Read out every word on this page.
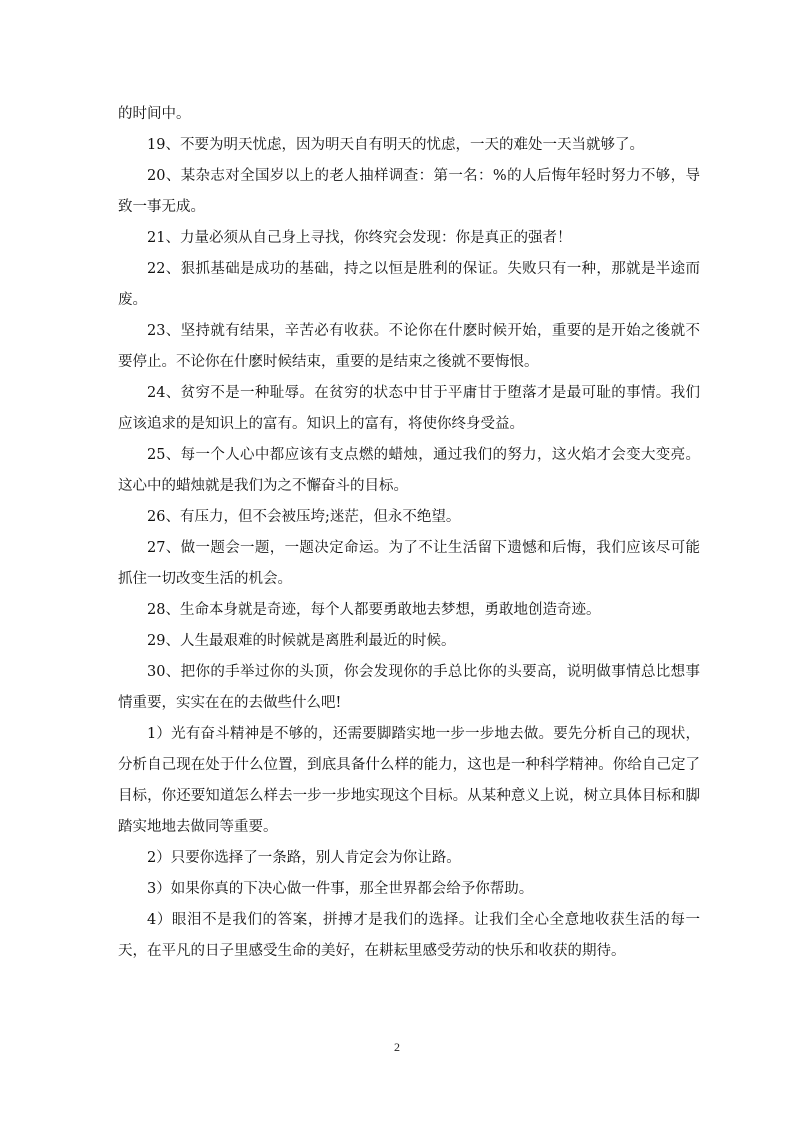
的时间中。

19、不要为明天忧虑，因为明天自有明天的忧虑，一天的难处一天当就够了。

20、某杂志对全国岁以上的老人抽样调查：第一名：%的人后悔年轻时努力不够，导致一事无成。

21、力量必须从自己身上寻找，你终究会发现：你是真正的强者！

22、狠抓基础是成功的基础，持之以恒是胜利的保证。失败只有一种，那就是半途而废。

23、坚持就有结果，辛苦必有收获。不论你在什麽时候开始，重要的是开始之後就不要停止。不论你在什麽时候结束，重要的是结束之後就不要悔恨。

24、贫穷不是一种耻辱。在贫穷的状态中甘于平庸甘于堕落才是最可耻的事情。我们应该追求的是知识上的富有。知识上的富有，将使你终身受益。

25、每一个人心中都应该有支点燃的蜡烛，通过我们的努力，这火焰才会变大变亮。这心中的蜡烛就是我们为之不懈奋斗的目标。

26、有压力，但不会被压垮;迷茫，但永不绝望。

27、做一题会一题，一题决定命运。为了不让生活留下遗憾和后悔，我们应该尽可能抓住一切改变生活的机会。

28、生命本身就是奇迹，每个人都要勇敢地去梦想，勇敢地创造奇迹。

29、人生最艰难的时候就是离胜利最近的时候。

30、把你的手举过你的头顶，你会发现你的手总比你的头要高，说明做事情总比想事情重要，实实在在的去做些什么吧!

1）光有奋斗精神是不够的，还需要脚踏实地一步一步地去做。要先分析自己的现状，分析自己现在处于什么位置，到底具备什么样的能力，这也是一种科学精神。你给自己定了目标，你还要知道怎么样去一步一步地实现这个目标。从某种意义上说，树立具体目标和脚踏实地地去做同等重要。

2）只要你选择了一条路，别人肯定会为你让路。

3）如果你真的下决心做一件事，那全世界都会给予你帮助。

4）眼泪不是我们的答案，拼搏才是我们的选择。让我们全心全意地收获生活的每一天，在平凡的日子里感受生命的美好，在耕耘里感受劳动的快乐和收获的期待。

2
